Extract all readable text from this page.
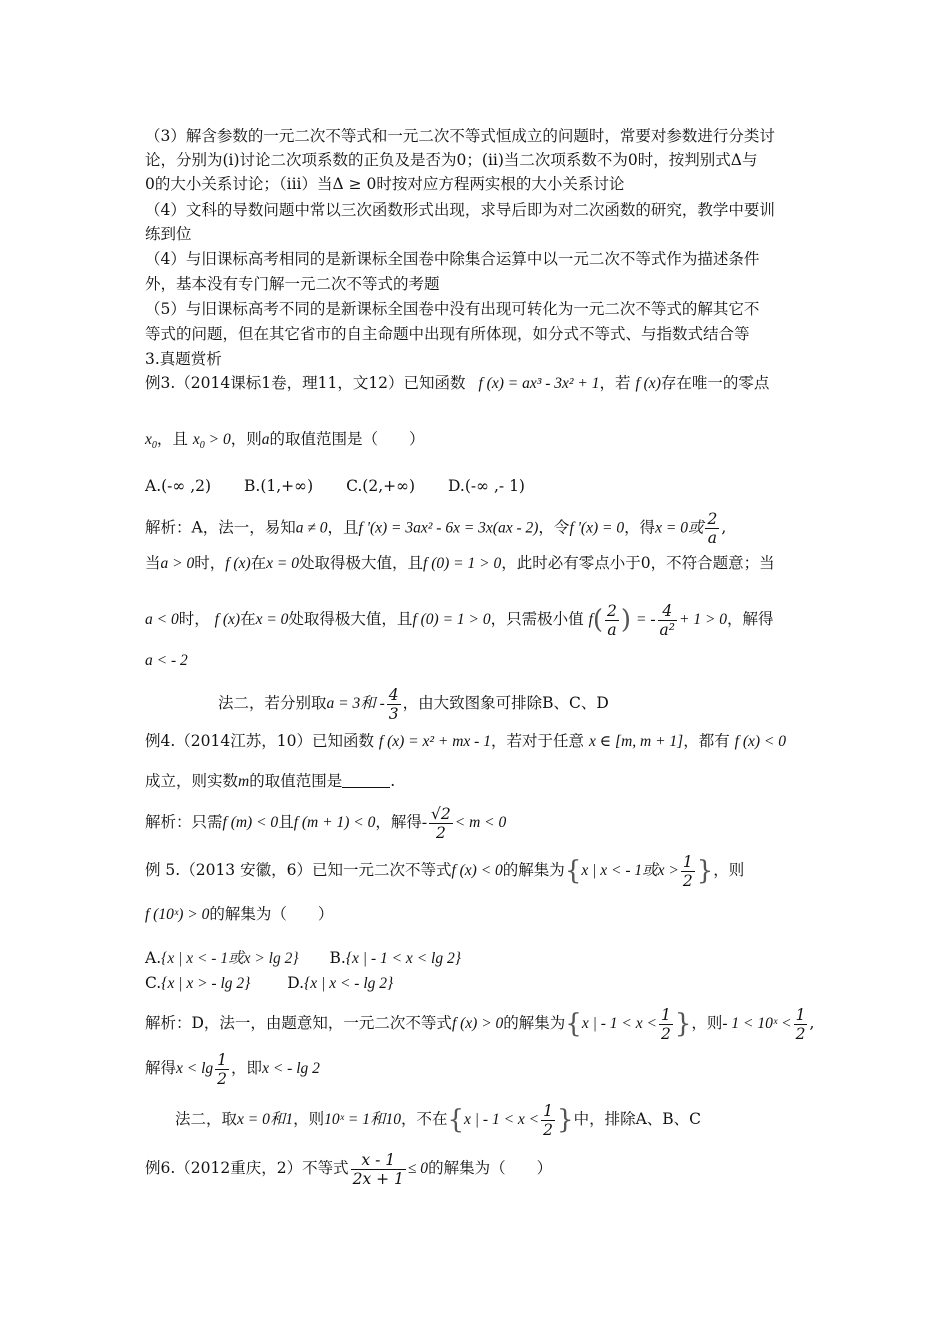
（3）解含参数的一元二次不等式和一元二次不等式恒成立的问题时，常要对参数进行分类讨
论，分别为(i)讨论二次项系数的正负及是否为0；(ii)当二次项系数不为0时，按判别式Δ与
0的大小关系讨论；（iii）当Δ ≥ 0时按对应方程两实根的大小关系讨论
（4）文科的导数问题中常以三次函数形式出现，求导后即为对二次函数的研究，教学中要训
练到位
（4）与旧课标高考相同的是新课标全国卷中除集合运算中以一元二次不等式作为描述条件
外，基本没有专门解一元二次不等式的考题
（5）与旧课标高考不同的是新课标全国卷中没有出现可转化为一元二次不等式的解其它不
等式的问题，但在其它省市的自主命题中出现有所体现，如分式不等式、与指数式结合等
3.真题赏析
例3.（2014课标1卷，理11，文12）已知函数 f (x) = ax³ - 3x² + 1，若 f (x)存在唯一的零点
$x_0$，且 $x_0 > 0$，则a的取值范围是（　　）
A.(-∞ ,2) B.(1,+∞) C.(2,+∞) D.(-∞ ,- 1)
解析：A，法一，易知a ≠ 0，且f '(x) = 3ax² - 6x = 3x(ax - 2)，令f '(x) = 0，得x = 0或 $\frac{2}{a}$ ,
当a > 0时，f (x)在x = 0处取得极大值，且f (0) = 1 > 0，此时必有零点小于0，不符合题意；当
a < 0时， f (x)在x = 0处取得极大值，且f (0) = 1 > 0，只需极小值 $f( \frac{2}{a}$ ) = - $\frac{4}{\text{a²}} + 1 > 0$，解得
a < - 2
法二，若分别取a = 3和 - $\frac{4}{3}$ ，由大致图象可排除B、C、D
例4.（2014江苏，10）已知函数 f (x) = x² + mx - 1，若对于任意 x ∈ [m, m + 1]，都有 f (x) < 0
成立，则实数m的取值范围是	.
解析：只需f (m) < 0且f (m + 1) < 0，解得- $\frac{√2}{2} < m < 0$
例 5.（2013 安徽，6）已知一元二次不等式f (x) < 0的解集为{x | x < - 1或$x > \frac{1}{2}$ }，则
f (10ˣ) > 0的解集为（　　）
A.{x | x < - 1或x > lg 2} B.{x | - 1 < x < lg 2}
C.{x | x > - lg 2} D.{x | x < - lg 2}
解析：D，法一，由题意知，一元二次不等式f (x) > 0的解集为{x | - $1 < x < \frac{1}{2}$ }，则- 1 < 10ˣ < $\frac{1}{2}$ ,
解得$x < \lg \frac{1}{2}$ ，即x < - lg 2
法二，取x = 0和1，则10ˣ = 1和10，不在{x | - $1 < x < \frac{1}{2}$ }中，排除A、B、C
例6.（2012重庆，2）不等式 $\frac{x - 1}{2x + 1} \le 0$的解集为（　　）
